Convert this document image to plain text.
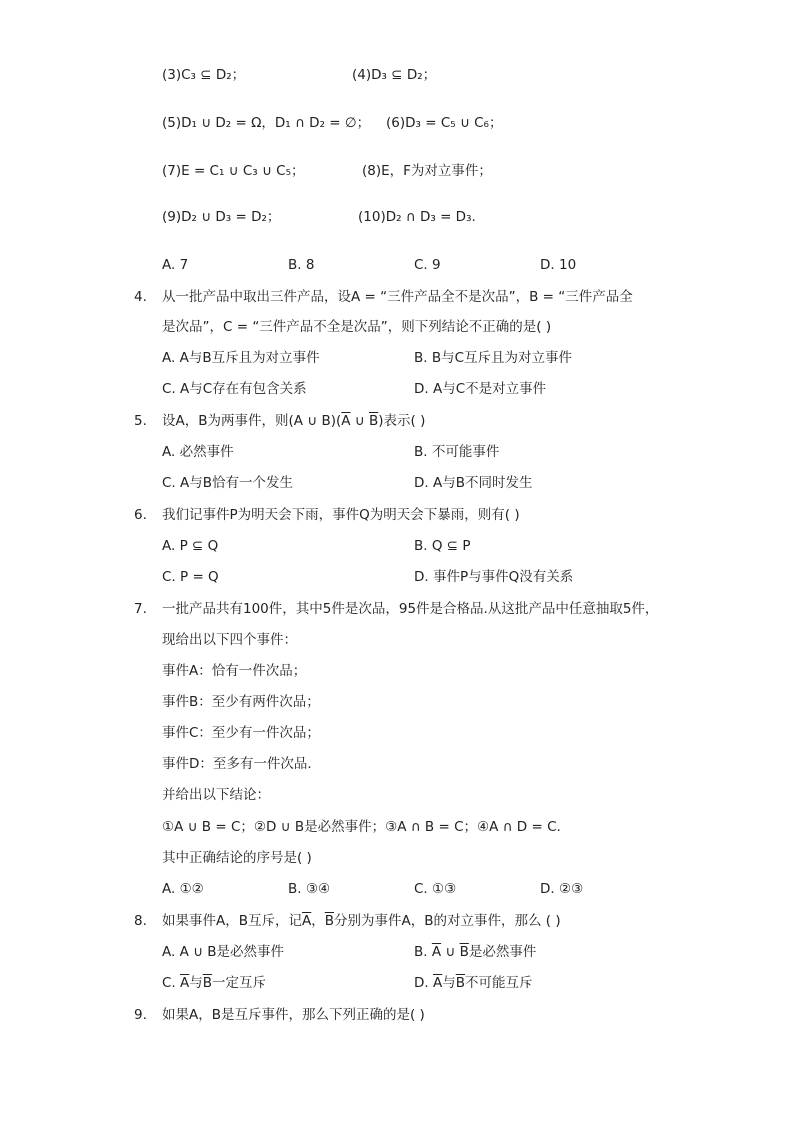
(3)C₃ ⊆ D₂；	(4)D₃ ⊆ D₂；
(5)D₁ ∪ D₂ = Ω，D₁ ∩ D₂ = ∅； (6)D₃ = C₅ ∪ C₆；
(7)E = C₁ ∪ C₃ ∪ C₅；	(8)E，F为对立事件；
(9)D₂ ∪ D₃ = D₂；	(10)D₂ ∩ D₃ = D₃.
A. 7	B. 8	C. 9	D. 10
4.	从一批产品中取出三件产品，设A = “三件产品全不是次品”，B = “三件产品全
是次品”，C = “三件产品不全是次品”，则下列结论不正确的是( )
A. A与B互斥且为对立事件	B. B与C互斥且为对立事件
C. A与C存在有包含关系	D. A与C不是对立事件
5.	设A，B为两事件，则(A ∪ $B)(\overline{A}$ ∪ $\overline{B}$)表示( )
A. 必然事件	B. 不可能事件
C. A与B恰有一个发生	D. A与B不同时发生
6.	我们记事件P为明天会下雨，事件Q为明天会下暴雨，则有( )
A. P ⊆ Q	B. Q ⊆ P
C. P = Q	D. 事件P与事件Q没有关系
7.	一批产品共有100件，其中5件是次品，95件是合格品.从这批产品中任意抽取5件，
现给出以下四个事件：
事件A：恰有一件次品；
事件B：至少有两件次品；
事件C：至少有一件次品；
事件D：至多有一件次品.
并给出以下结论：
①A ∪ B = C；②D ∪ B是必然事件；③A ∩ B = C；④A ∩ D = C.
其中正确结论的序号是( )
A. ①②	B. ③④	C. ①③	D. ②③
8.	如果事件A，B互斥，记$\overline{A}$，$\overline{B}$分别为事件A，B的对立事件，那么 ( )
A. A ∪ B是必然事件	B. $\overline{A}$ ∪ $\overline{B}$是必然事件
C. $\overline{A}$与$\overline{B}$一定互斥	D. $\overline{A}$与$\overline{B}$不可能互斥
9.	如果A，B是互斥事件，那么下列正确的是( )
